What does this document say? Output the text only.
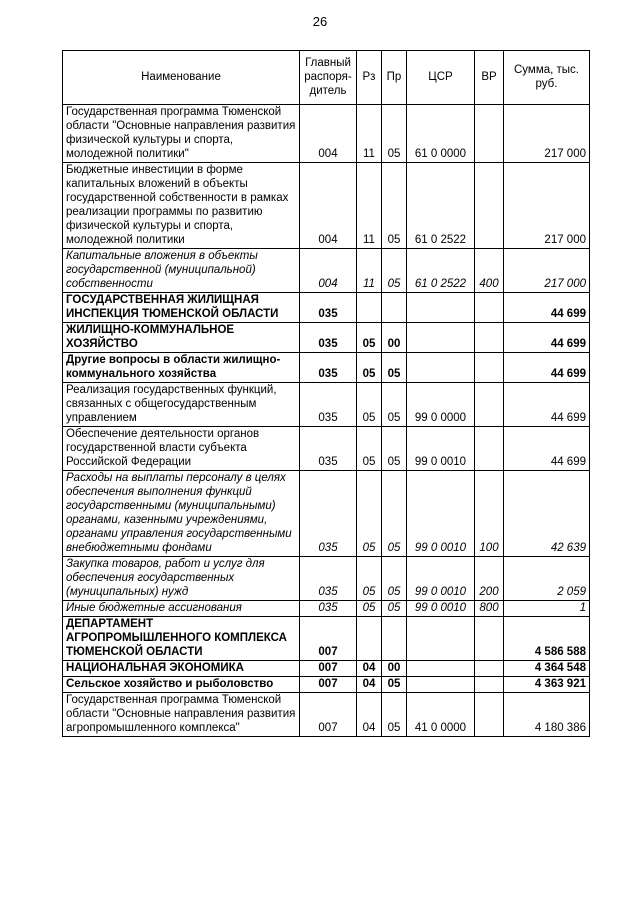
26
Наименование	Главный распоря-дитель	Рз	Пр	ЦСР	ВР	Сумма, тыс. руб.
Государственная программа Тюменской области "Основные направления развития физической культуры и спорта, молодежной политики"	004	11	05	61 0 0000		217 000
Бюджетные инвестиции в форме капитальных вложений в объекты государственной собственности в рамках реализации программы по развитию физической культуры и спорта, молодежной политики	004	11	05	61 0 2522		217 000
Капитальные вложения в объекты государственной (муниципальной) собственности	004	11	05	61 0 2522	400	217 000
ГОСУДАРСТВЕННАЯ ЖИЛИЩНАЯ ИНСПЕКЦИЯ ТЮМЕНСКОЙ ОБЛАСТИ	035					44 699
ЖИЛИЩНО-КОММУНАЛЬНОЕ ХОЗЯЙСТВО	035	05	00			44 699
Другие вопросы в области жилищно-коммунального хозяйства	035	05	05			44 699
Реализация государственных функций, связанных с общегосударственным управлением	035	05	05	99 0 0000		44 699
Обеспечение деятельности органов государственной власти субъекта Российской Федерации	035	05	05	99 0 0010		44 699
Расходы на выплаты персоналу в целях обеспечения выполнения функций государственными (муниципальными) органами, казенными учреждениями, органами управления государственными внебюджетными фондами	035	05	05	99 0 0010	100	42 639
Закупка товаров, работ и услуг для обеспечения государственных (муниципальных) нужд	035	05	05	99 0 0010	200	2 059
Иные бюджетные ассигнования	035	05	05	99 0 0010	800	1
ДЕПАРТАМЕНТ АГРОПРОМЫШЛЕННОГО КОМПЛЕКСА ТЮМЕНСКОЙ ОБЛАСТИ	007					4 586 588
НАЦИОНАЛЬНАЯ ЭКОНОМИКА	007	04	00			4 364 548
Сельское хозяйство и рыболовство	007	04	05			4 363 921
Государственная программа Тюменской области "Основные направления развития агропромышленного комплекса"	007	04	05	41 0 0000		4 180 386
